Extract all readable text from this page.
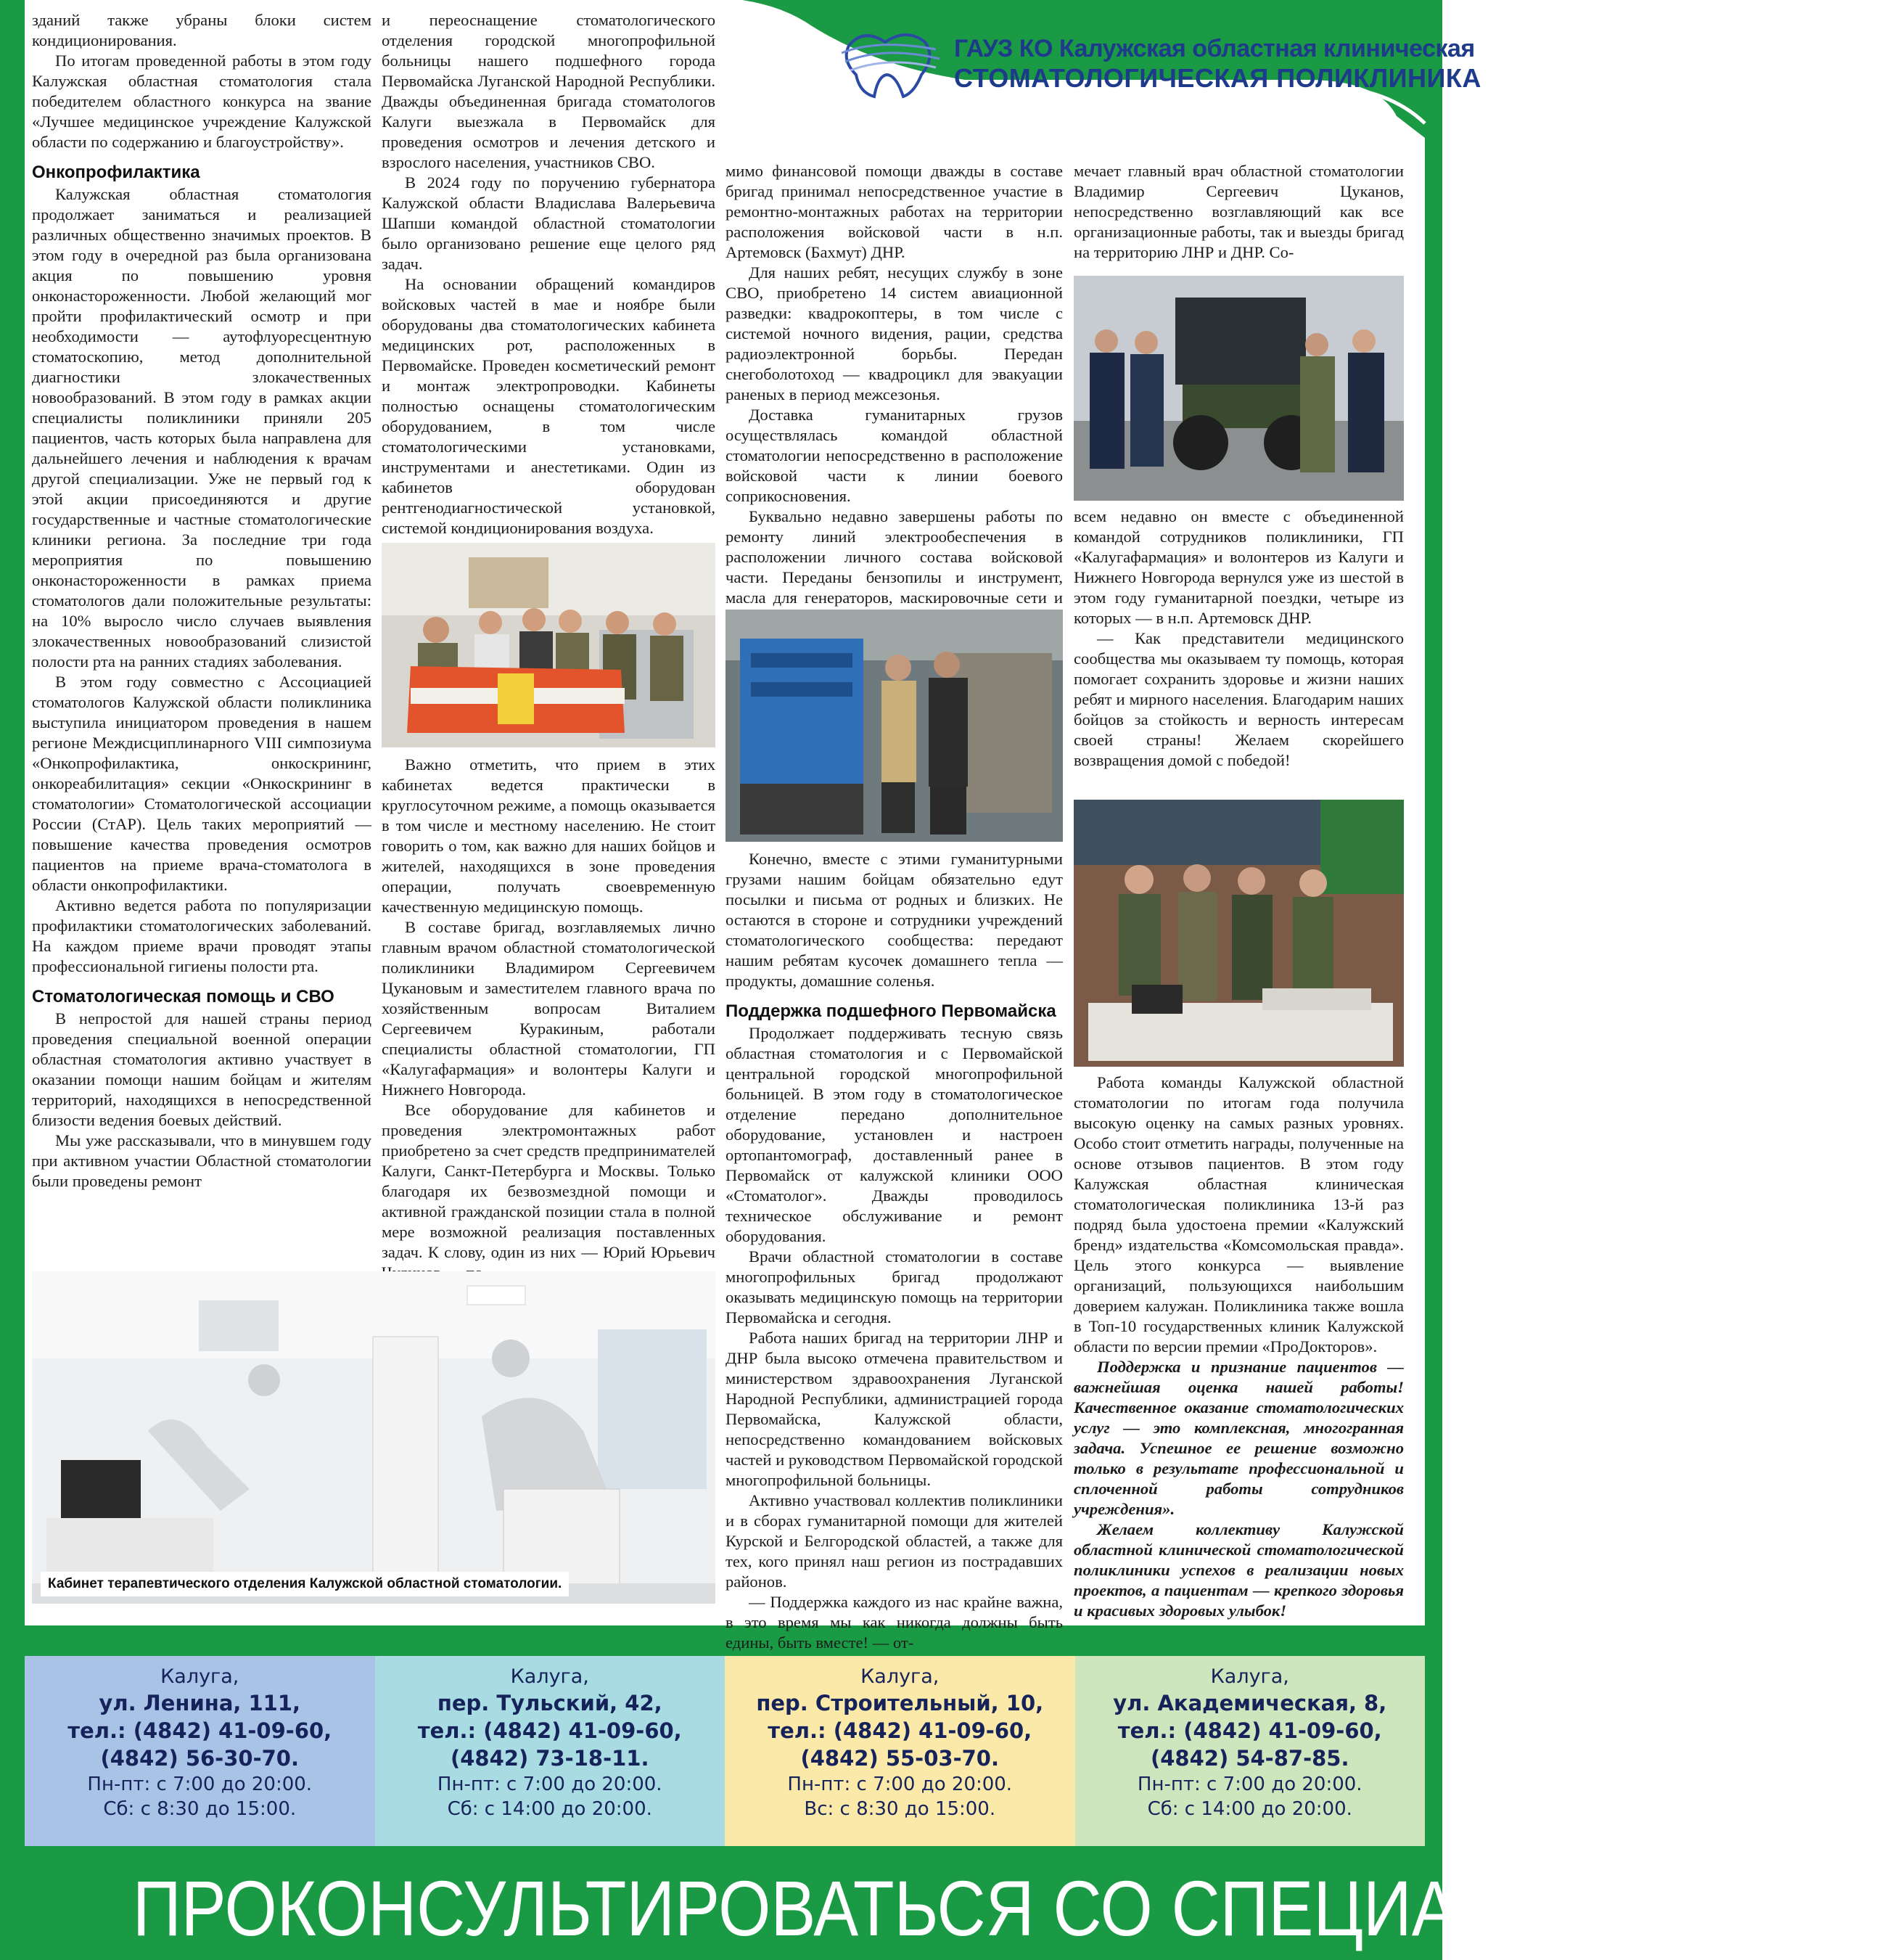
ГАУЗ КО Калужская областная клиническая
СТОМАТОЛОГИЧЕСКАЯ ПОЛИКЛИНИКА

зданий также убраны блоки систем кондиционирования.

По итогам проведенной работы в этом году Калужская областная стоматология стала победителем областного конкурса на звание «Лучшее медицинское учреждение Калужской области по содержанию и благоустройству».

Онкопрофилактика

Калужская областная стоматология продолжает заниматься и реализацией различных общественно значимых проектов. В этом году в очередной раз была организована акция по повышению уровня онконастороженности. Любой желающий мог пройти профилактический осмотр и при необходимости — аутофлуоресцентную стоматоскопию, метод дополнительной диагностики злокачественных новообразований. В этом году в рамках акции специалисты поликлиники приняли 205 пациентов, часть которых была направлена для дальнейшего лечения и наблюдения к врачам другой специализации. Уже не первый год к этой акции присоединяются и другие государственные и частные стоматологические клиники региона. За последние три года мероприятия по повышению онконастороженности в рамках приема стоматологов дали положительные результаты: на 10% выросло число случаев выявления злокачественных новообразований слизистой полости рта на ранних стадиях заболевания.

В этом году совместно с Ассоциацией стоматологов Калужской области поликлиника выступила инициатором проведения в нашем регионе Междисциплинарного VIII симпозиума «Онкопрофилактика, онкоскрининг, онкореабилитация» секции «Онкоскрининг в стоматологии» Стоматологической ассоциации России (СтАР). Цель таких мероприятий — повышение качества проведения осмотров пациентов на приеме врача-стоматолога в области онкопрофилактики.

Активно ведется работа по популяризации профилактики стоматологических заболеваний. На каждом приеме врачи проводят этапы профессиональной гигиены полости рта.

Стоматологическая помощь и СВО

В непростой для нашей страны период проведения специальной военной операции областная стоматология активно участвует в оказании помощи нашим бойцам и жителям территорий, находящихся в непосредственной близости ведения боевых действий.

Мы уже рассказывали, что в минувшем году при активном участии Областной стоматологии были проведены ремонт

и переоснащение стоматологического отделения городской многопрофильной больницы нашего подшефного города Первомайска Луганской Народной Республики. Дважды объединенная бригада стоматологов Калуги выезжала в Первомайск для проведения осмотров и лечения детского и взрослого населения, участников СВО.

В 2024 году по поручению губернатора Калужской области Владислава Валерьевича Шапши командой областной стоматологии было организовано решение еще целого ряд задач.

На основании обращений командиров войсковых частей в мае и ноябре были оборудованы два стоматологических кабинета медицинских рот, расположенных в Первомайске. Проведен косметический ремонт и монтаж электропроводки. Кабинеты полностью оснащены стоматологическим оборудованием, в том числе стоматологическими установками, инструментами и анестетиками. Один из кабинетов оборудован рентгенодиагностической установкой, системой кондиционирования воздуха.

Важно отметить, что прием в этих кабинетах ведется практически в круглосуточном режиме, а помощь оказывается в том числе и местному населению. Не стоит говорить о том, как важно для наших бойцов и жителей, находящихся в зоне проведения операции, получать своевременную качественную медицинскую помощь.

В составе бригад, возглавляемых лично главным врачом областной стоматологической поликлиники Владимиром Сергеевичем Цукановым и заместителем главного врача по хозяйственным вопросам Виталием Сергеевичем Куракиным, работали специалисты областной стоматологии, ГП «Калугафармация» и волонтеры Калуги и Нижнего Новгорода.

Все оборудование для кабинетов и проведения электромонтажных работ приобретено за счет средств предпринимателей Калуги, Санкт-Петербурга и Москвы. Только благодаря их безвозмездной помощи и активной гражданской позиции стала в полной мере возможной реализация поставленных задач. К слову, один из них — Юрий Юрьевич

мимо финансовой помощи дважды в составе бригад принимал непосредственное участие в ремонтно-монтажных работах на территории расположения войсковой части в н.п. Артемовск (Бахмут) ДНР.

Для наших ребят, несущих службу в зоне СВО, приобретено 14 систем авиационной разведки: квадрокоптеры, в том числе с системой ночного видения, рации, средства радиоэлектронной борьбы. Передан снегоболотоход — квадроцикл для эвакуации раненых в период межсезонья.

Доставка гуманитарных грузов осуществлялась командой областной стоматологии непосредственно в расположение войсковой части к линии боевого соприкосновения.

Буквально недавно завершены работы по ремонту линий электрообеспечения в расположении личного состава войсковой части. Переданы бензопилы и инструмент, масла для генераторов, маскировочные сети и

Конечно, вместе с этими гуманитурными грузами нашим бойцам обязательно едут посылки и письма от родных и близких. Не остаются в стороне и сотрудники учреждений стоматологического сообщества: передают нашим ребятам кусочек домашнего тепла — продукты, домашние соленья.

Поддержка подшефного Первомайска

Продолжает поддерживать тесную связь областная стоматология и с Первомайской центральной городской многопрофильной больницей. В этом году в стоматологическое отделение передано дополнительное оборудование, установлен и настроен ортопантомограф, доставленный ранее в Первомайск от калужской клиники ООО «Стоматолог». Дважды проводилось техническое обслуживание и ремонт оборудования.

Врачи областной стоматологии в составе многопрофильных бригад продолжают оказывать медицинскую помощь на территории Первомайска и сегодня.

Работа наших бригад на территории ЛНР и ДНР была высоко отмечена правительством и министерством здравоохранения Луганской Народной Республики, администрацией города Первомайска, Калужской области, непосредственно командованием войсковых частей и руководством Первомайской городской многопрофильной больницы.

Активно участвовал коллектив поликлиники и в сборах гуманитарной помощи для жителей Курской и Белгородской областей, а также для тех, кого принял наш регион из пострадавших районов.

— Поддержка каждого из нас крайне важна, в это время мы как никогда должны быть едины, быть вместе! — от-

мечает главный врач областной стоматологии Владимир Сергеевич Цуканов, непосредственно возглавляющий как все организационные работы, так и выезды бригад на территорию ЛНР и ДНР. Со-

всем недавно он вместе с объединенной командой сотрудников поликлиники, ГП «Калугафармация» и волонтеров из Калуги и Нижнего Новгорода вернулся уже из шестой в этом году гуманитарной поездки, четыре из которых — в н.п. Артемовск ДНР.

— Как представители медицинского сообщества мы оказываем ту помощь, которая помогает сохранить здоровье и жизни наших ребят и мирного населения. Благодарим наших бойцов за стойкость и верность интересам своей страны! Желаем скорейшего возвращения домой с победой!

Работа команды Калужской областной стоматологии по итогам года получила высокую оценку на самых разных уровнях. Особо стоит отметить награды, полученные на основе отзывов пациентов. В этом году Калужская областная клиническая стоматологическая поликлиника 13-й раз подряд была удостоена премии «Калужский бренд» издательства «Комсомольская правда». Цель этого конкурса — выявление организаций, пользующихся наибольшим доверием калужан. Поликлиника также вошла в Топ-10 государственных клиник Калужской области по версии премии «ПроДокторов».

Поддержка и признание пациентов — важнейшая оценка нашей работы! Качественное оказание стоматологических услуг — это комплексная, многогранная задача. Успешное ее решение возможно только в результате профессиональной и сплоченной работы сотрудников учреждения».

Желаем коллективу Калужской областной клинической стоматологической поликлиники успехов в реализации новых проектов, а пациентам — крепкого здоровья и красивых здоровых улыбок!

Кабинет терапевтического отделения Калужской областной стоматологии.
Калуга,
ул. Ленина, 111,
тел.: (4842) 41-09-60,
(4842) 56-30-70.
Пн-пт: с 7:00 до 20:00.
Сб: с 8:30 до 15:00.
Калуга,
пер. Тульский, 42,
тел.: (4842) 41-09-60,
(4842) 73-18-11.
Пн-пт: с 7:00 до 20:00.
Сб: с 14:00 до 20:00.
Калуга,
пер. Строительный, 10,
тел.: (4842) 41-09-60,
(4842) 55-03-70.
Пн-пт: с 7:00 до 20:00.
Вс: с 8:30 до 15:00.
Калуга,
ул. Академическая, 8,
тел.: (4842) 41-09-60,
(4842) 54-87-85.
Пн-пт: с 7:00 до 20:00.
Сб: с 14:00 до 20:00.
ПРОКОНСУЛЬТИРОВАТЬСЯ СО СПЕЦИАЛИСТОМ.
